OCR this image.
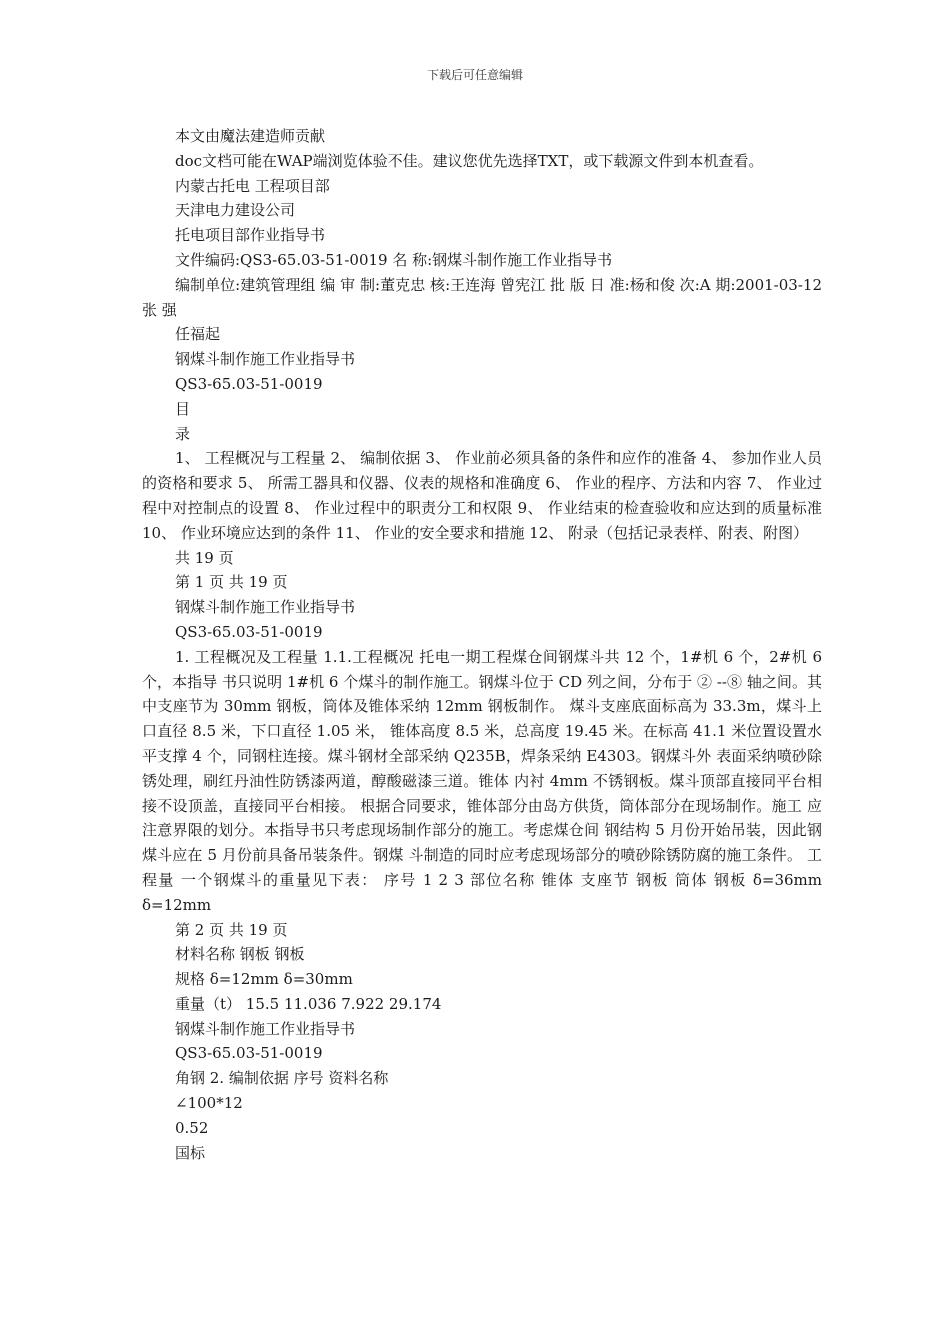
下载后可任意编辑

本文由魔法建造师贡献

doc文档可能在WAP端浏览体验不佳。建议您优先选择TXT，或下载源文件到本机查看。

内蒙古托电 工程项目部

天津电力建设公司

托电项目部作业指导书

文件编码:QS3-65.03-51-0019 名 称:钢煤斗制作施工作业指导书

编制单位:建筑管理组 编 审 制:董克忠 核:王连海 曾宪江 批 版 日 准:杨和俊 次:A 期:2001-03-12 张 强

任福起

钢煤斗制作施工作业指导书

QS3-65.03-51-0019

目

录

1、 工程概况与工程量 2、 编制依据 3、 作业前必须具备的条件和应作的准备 4、 参加作业人员的资格和要求 5、 所需工器具和仪器、仪表的规格和准确度 6、 作业的程序、方法和内容 7、 作业过程中对控制点的设置 8、 作业过程中的职责分工和权限 9、 作业结束的检查验收和应达到的质量标准 10、 作业环境应达到的条件 11、 作业的安全要求和措施 12、 附录（包括记录表样、附表、附图）

共 19 页

第 1 页 共 19 页

钢煤斗制作施工作业指导书

QS3-65.03-51-0019

1. 工程概况及工程量 1.1.工程概况 托电一期工程煤仓间钢煤斗共 12 个，1#机 6 个，2#机 6 个，本指导 书只说明 1#机 6 个煤斗的制作施工。钢煤斗位于 CD 列之间，分布于 ② --⑧ 轴之间。其中支座节为 30mm 钢板，筒体及锥体采纳 12mm 钢板制作。 煤斗支座底面标高为 33.3m，煤斗上口直径 8.5 米，下口直径 1.05 米， 锥体高度 8.5 米，总高度 19.45 米。在标高 41.1 米位置设置水平支撑 4 个，同钢柱连接。煤斗钢材全部采纳 Q235B，焊条采纳 E4303。钢煤斗外 表面采纳喷砂除锈处理，刷红丹油性防锈漆两道，醇酸磁漆三道。锥体 内衬 4mm 不锈钢板。煤斗顶部直接同平台相接不设顶盖，直接同平台相接。 根据合同要求，锥体部分由岛方供货，筒体部分在现场制作。施工 应注意界限的划分。本指导书只考虑现场制作部分的施工。考虑煤仓间 钢结构 5 月份开始吊装，因此钢煤斗应在 5 月份前具备吊装条件。钢煤 斗制造的同时应考虑现场部分的喷砂除锈防腐的施工条件。 工程量 一个钢煤斗的重量见下表： 序号 1 2 3 部位名称 锥体 支座节 钢板 筒体 钢板 δ=36mm δ=12mm

第 2 页 共 19 页

材料名称 钢板 钢板

规格 δ=12mm δ=30mm

重量（t） 15.5 11.036 7.922 29.174

钢煤斗制作施工作业指导书

QS3-65.03-51-0019

角钢 2. 编制依据 序号 资料名称

∠100*12

0.52

国标
